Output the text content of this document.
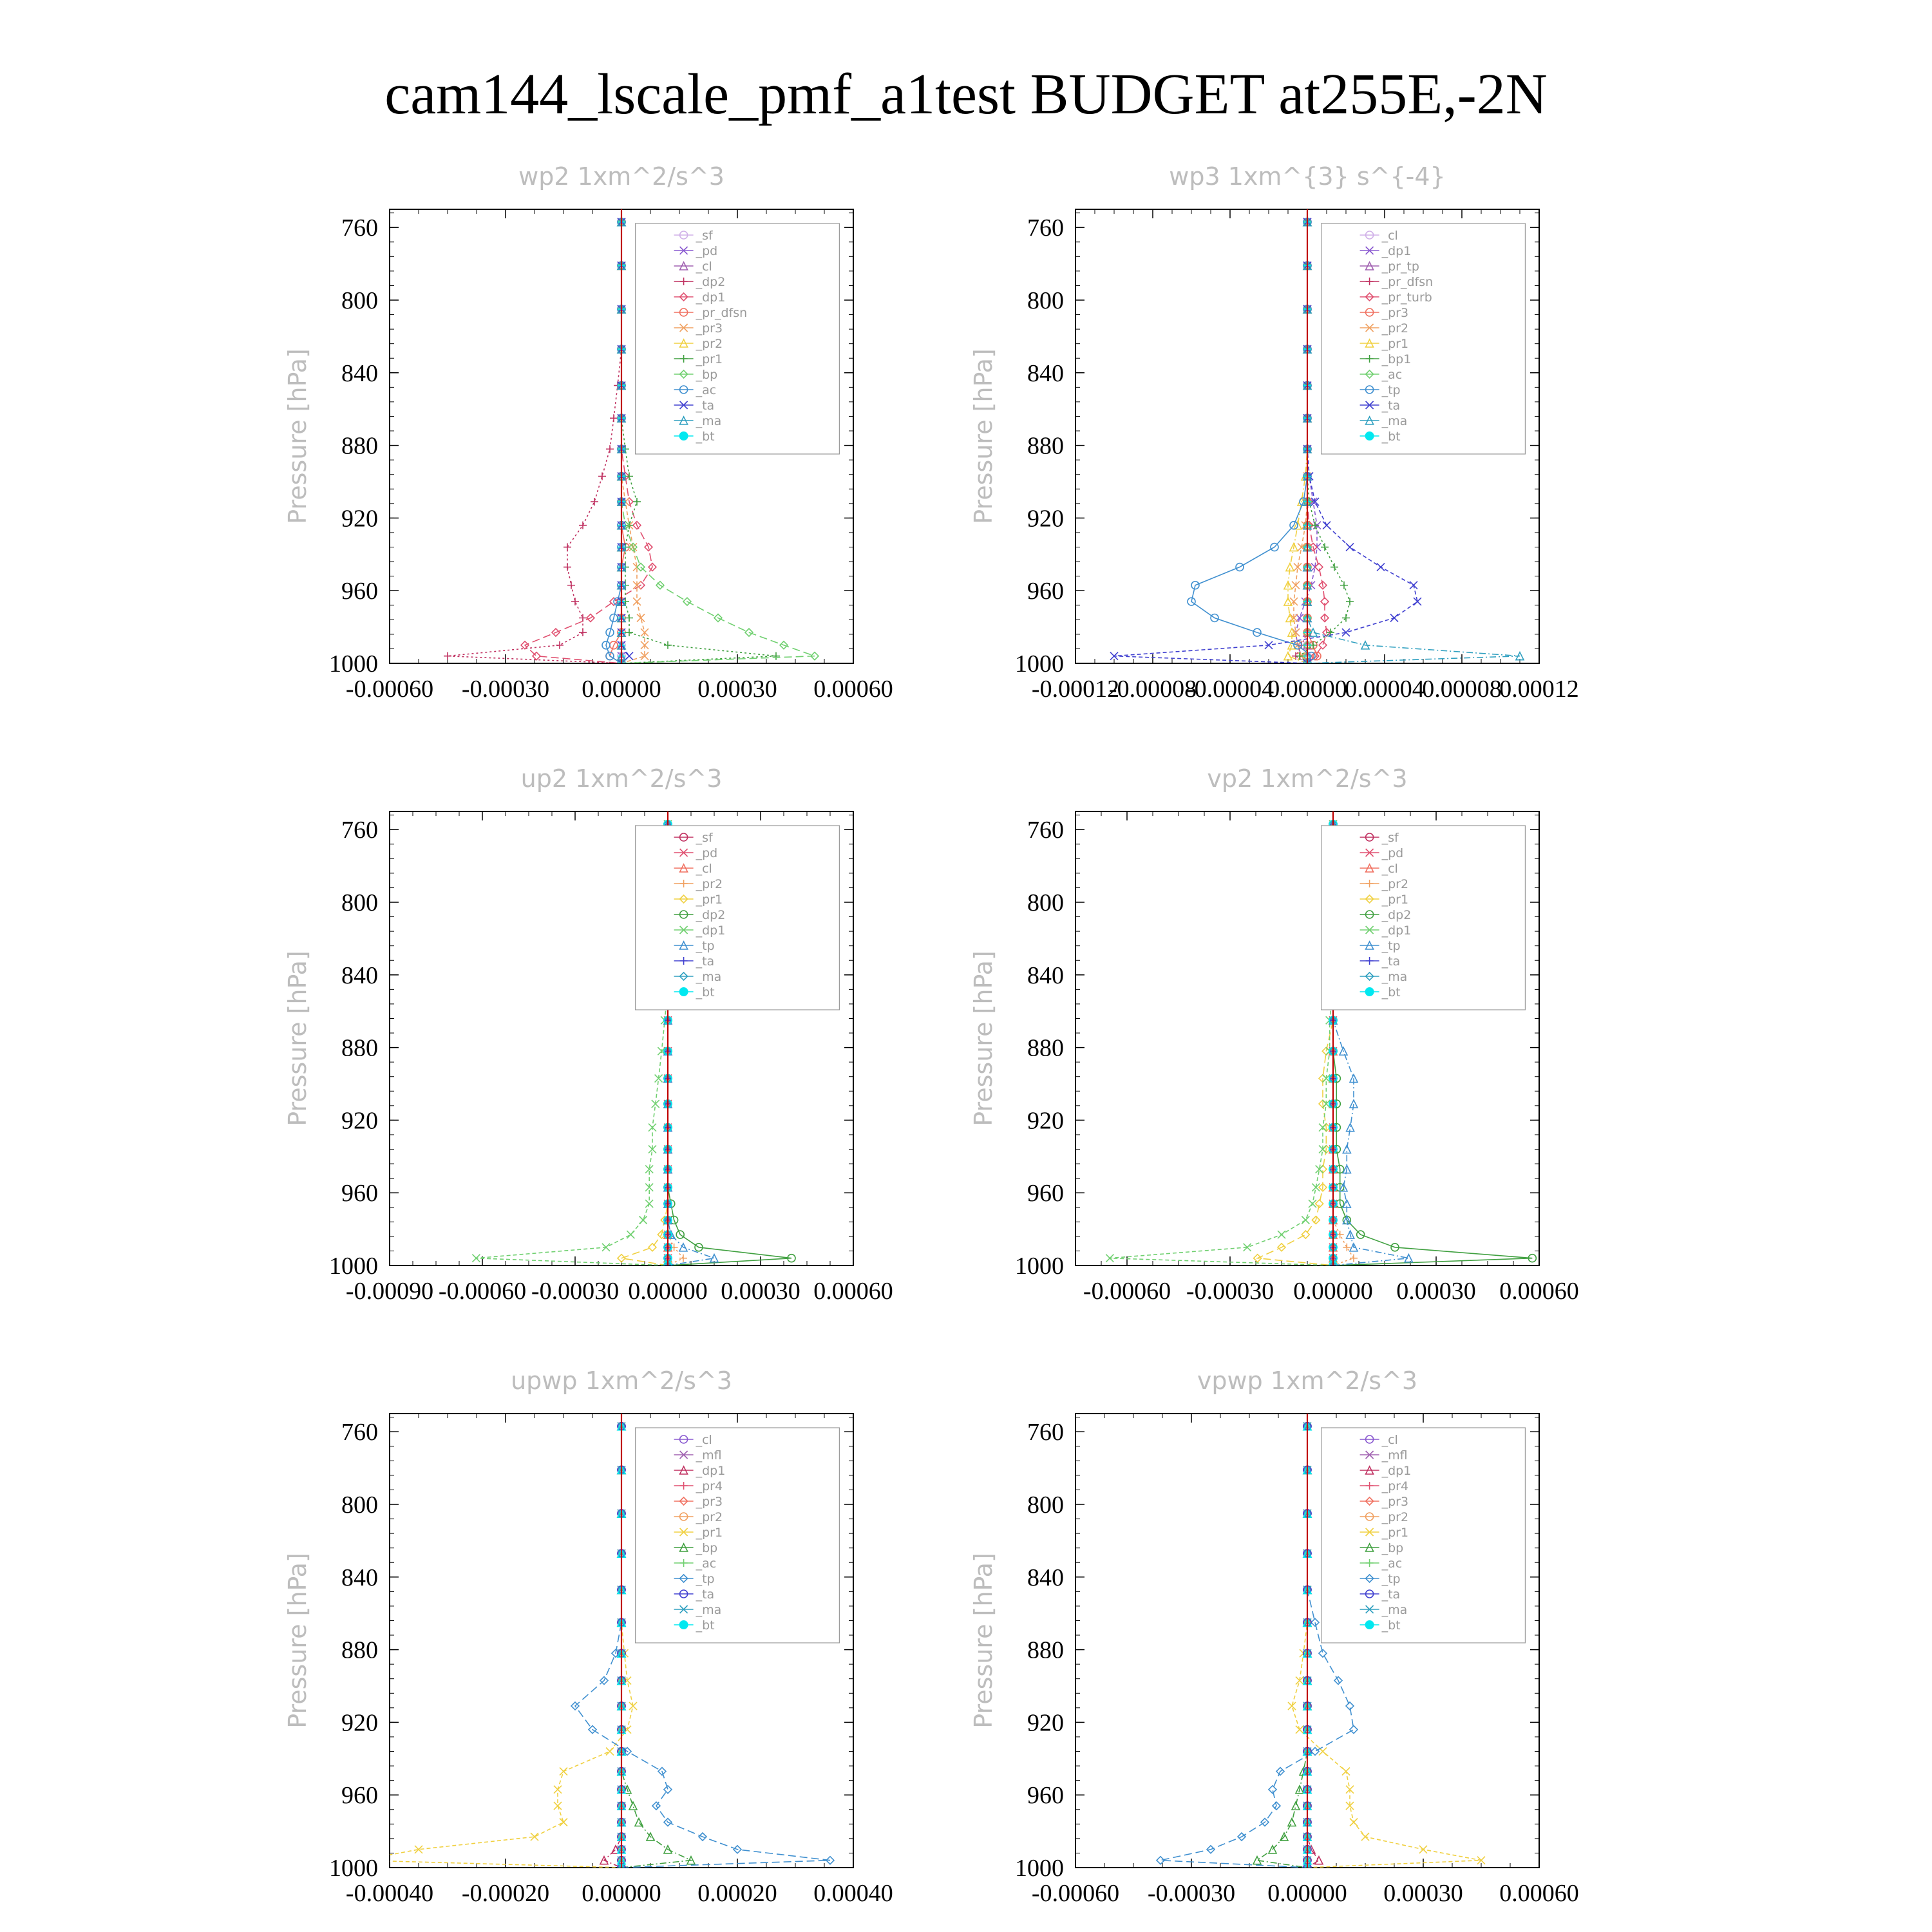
cam144_lscale_pmf_a1test BUDGET at255E,-2N
wp2 1xm^2/s^3
Pressure [hPa]
760
800
840
880
920
960
1000
-0.00060 -0.00030 0.00000 0.00030 0.00060
_sf
_pd
_cl
_dp2
_dp1
_pr_dfsn
_pr3
_pr2
_pr1
_bp
_ac
_ta
_ma
_bt
wp3 1xm^{3} s^{-4}
Pressure [hPa]
760
800
840
880
920
960
1000
-0.00012
-0.00008
-0.00004
0.00000
0.00004
0.00008
0.00012
_cl
_dp1
_pr_tp
_pr_dfsn
_pr_turb
_pr3
_pr2
_pr1
_bp1
_ac
_tp
_ta
_ma
_bt
up2 1xm^2/s^3
Pressure [hPa]
760
800
840
880
920
960
1000
-0.00090 -0.00060 -0.00030 0.00000 0.00030 0.00060
_sf
_pd
_cl
_pr2
_pr1
_dp2
_dp1
_tp
_ta
_ma
_bt
vp2 1xm^2/s^3
Pressure [hPa]
760
800
840
880
920
960
1000
-0.00060 -0.00030 0.00000 0.00030 0.00060
_sf
_pd
_cl
_pr2
_pr1
_dp2
_dp1
_tp
_ta
_ma
_bt
upwp 1xm^2/s^3
Pressure [hPa]
760
800
840
880
920
960
1000
-0.00040 -0.00020 0.00000 0.00020 0.00040
_cl
_mfl
_dp1
_pr4
_pr3
_pr2
_pr1
_bp
_ac
_tp
_ta
_ma
_bt
vpwp 1xm^2/s^3
Pressure [hPa]
760
800
840
880
920
960
1000
-0.00060 -0.00030 0.00000 0.00030 0.00060
_cl
_mfl
_dp1
_pr4
_pr3
_pr2
_pr1
_bp
_ac
_tp
_ta
_ma
_bt
